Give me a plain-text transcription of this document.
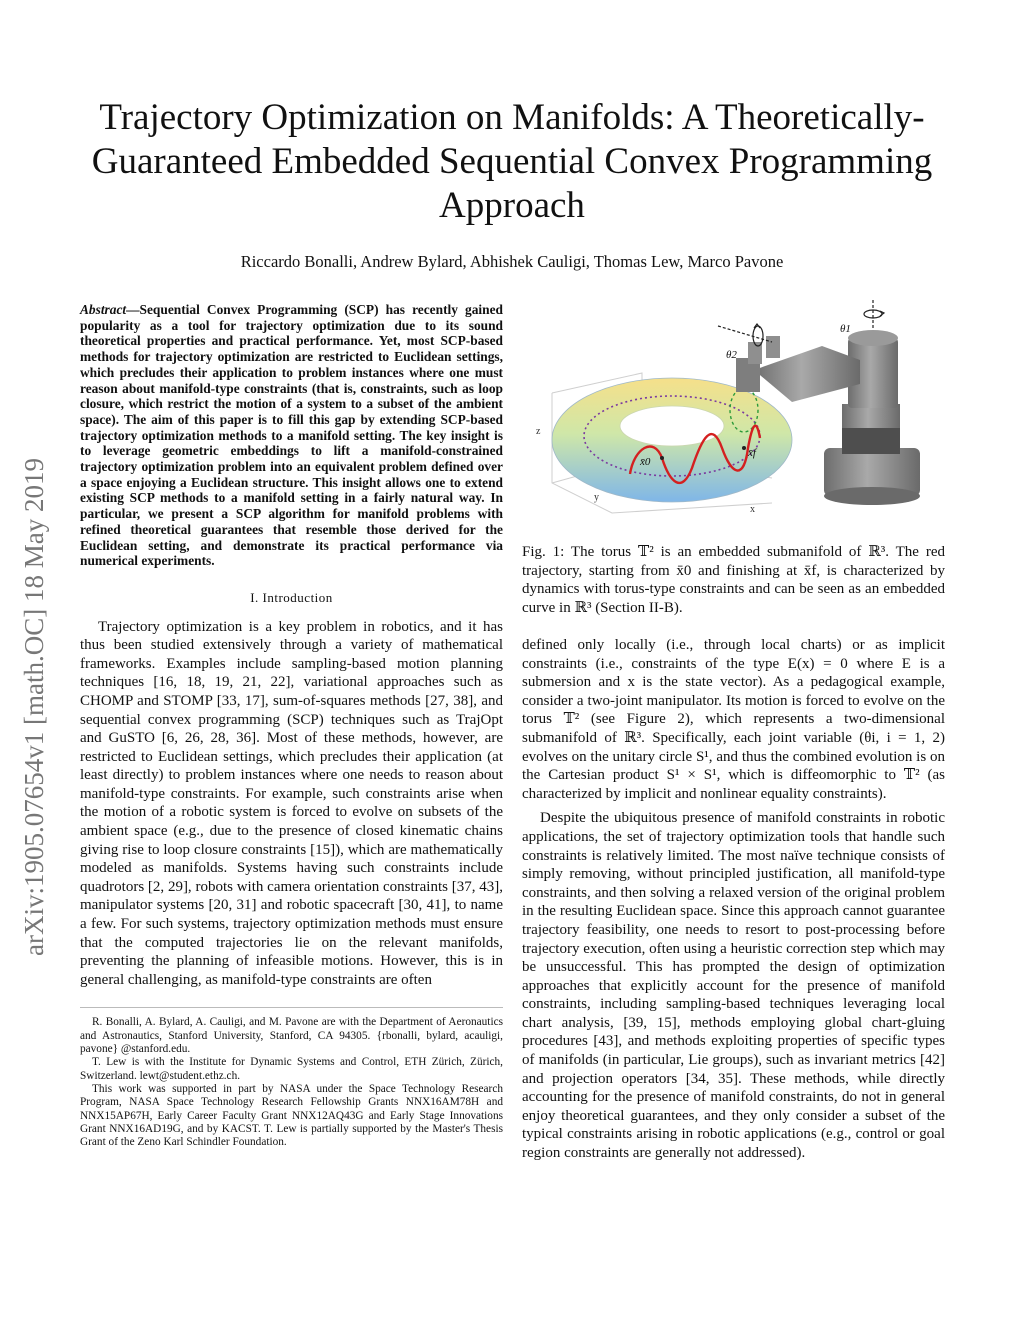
arXiv:1905.07654v1 [math.OC] 18 May 2019
Trajectory Optimization on Manifolds: A Theoretically-Guaranteed Embedded Sequential Convex Programming Approach
Riccardo Bonalli, Andrew Bylard, Abhishek Cauligi, Thomas Lew, Marco Pavone
Abstract—Sequential Convex Programming (SCP) has recently gained popularity as a tool for trajectory optimization due to its sound theoretical properties and practical performance. Yet, most SCP-based methods for trajectory optimization are restricted to Euclidean settings, which precludes their application to problem instances where one must reason about manifold-type constraints (that is, constraints, such as loop closure, which restrict the motion of a system to a subset of the ambient space). The aim of this paper is to fill this gap by extending SCP-based trajectory optimization methods to a manifold setting. The key insight is to leverage geometric embeddings to lift a manifold-constrained trajectory optimization problem into an equivalent problem defined over a space enjoying a Euclidean structure. This insight allows one to extend existing SCP methods to a manifold setting in a fairly natural way. In particular, we present a SCP algorithm for manifold problems with refined theoretical guarantees that resemble those derived for the Euclidean setting, and demonstrate its practical performance via numerical experiments.
I. Introduction

Trajectory optimization is a key problem in robotics, and it has thus been studied extensively through a variety of mathematical frameworks. Examples include sampling-based motion planning techniques [16, 18, 19, 21, 22], variational approaches such as CHOMP and STOMP [33, 17], sum-of-squares methods [27, 38], and sequential convex programming (SCP) techniques such as TrajOpt and GuSTO [6, 26, 28, 36]. Most of these methods, however, are restricted to Euclidean settings, which precludes their application (at least directly) to problem instances where one needs to reason about manifold-type constraints. For example, such constraints arise when the motion of a robotic system is forced to evolve on subsets of the ambient space (e.g., due to the presence of closed kinematic chains giving rise to loop closure constraints [15]), which are mathematically modeled as manifolds. Systems having such constraints include quadrotors [2, 29], robots with camera orientation constraints [37, 43], manipulator systems [20, 31] and robotic spacecraft [30, 41], to name a few. For such systems, trajectory optimization methods must ensure that the computed trajectories lie on the relevant manifolds, preventing the planning of infeasible motions. However, this is in general challenging, as manifold-type constraints are often

R. Bonalli, A. Bylard, A. Cauligi, and M. Pavone are with the Department of Aeronautics and Astronautics, Stanford University, Stanford, CA 94305. {rbonalli, bylard, acauligi, pavone} @stanford.edu.

T. Lew is with the Institute for Dynamic Systems and Control, ETH Zürich, Zürich, Switzerland. lewt@student.ethz.ch.

This work was supported in part by NASA under the Space Technology Research Program, NASA Space Technology Research Fellowship Grants NNX16AM78H and NNX15AP67H, Early Career Faculty Grant NNX12AQ43G and Early Stage Innovations Grant NNX16AD19G, and by KACST. T. Lew is partially supported by the Master's Thesis Grant of the Zeno Karl Schindler Foundation.

z
y
x
x̄0
x̄f
θ1
θ2
Fig. 1: The torus 𝕋² is an embedded submanifold of ℝ³. The red trajectory, starting from x̄0 and finishing at x̄f, is characterized by dynamics with torus-type constraints and can be seen as an embedded curve in ℝ³ (Section II-B).

defined only locally (i.e., through local charts) or as implicit constraints (i.e., constraints of the type E(x) = 0 where E is a submersion and x is the state vector). As a pedagogical example, consider a two-joint manipulator. Its motion is forced to evolve on the torus 𝕋² (see Figure 2), which represents a two-dimensional submanifold of ℝ³. Specifically, each joint variable (θi, i = 1, 2) evolves on the unitary circle S¹, and thus the combined evolution is on the Cartesian product S¹ × S¹, which is diffeomorphic to 𝕋² (as characterized by implicit and nonlinear equality constraints).

Despite the ubiquitous presence of manifold constraints in robotic applications, the set of trajectory optimization tools that handle such constraints is relatively limited. The most naïve technique consists of simply removing, without principled justification, all manifold-type constraints, and then solving a relaxed version of the original problem in the resulting Euclidean space. Since this approach cannot guarantee trajectory feasibility, one needs to resort to post-processing before trajectory execution, often using a heuristic correction step which may be unsuccessful. This has prompted the design of optimization approaches that explicitly account for the presence of manifold constraints, including sampling-based techniques leveraging local chart analysis, [39, 15], methods employing global chart-gluing procedures [43], and methods exploiting properties of specific types of manifolds (in particular, Lie groups), such as invariant metrics [42] and projection operators [34, 35]. These methods, while directly accounting for the presence of manifold constraints, do not in general enjoy theoretical guarantees, and they only consider a subset of the typical constraints arising in robotic applications (e.g., control or goal region constraints are generally not addressed).
